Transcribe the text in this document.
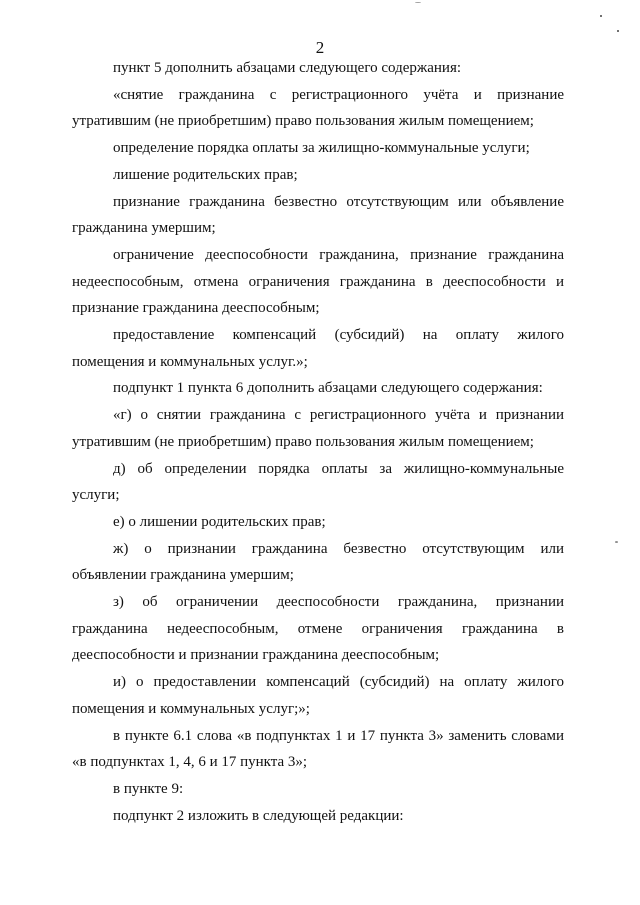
2

пункт 5 дополнить абзацами следующего содержания:

«снятие гражданина с регистрационного учёта и признание утратившим (не приобретшим) право пользования жилым помещением;

определение порядка оплаты за жилищно-коммунальные услуги;

лишение родительских прав;

признание гражданина безвестно отсутствующим или объявление гражданина умершим;

ограничение дееспособности гражданина, признание гражданина недееспособным, отмена ограничения гражданина в дееспособности и признание гражданина дееспособным;

предоставление компенсаций (субсидий) на оплату жилого помещения и коммунальных услуг.»;

подпункт 1 пункта 6 дополнить абзацами следующего содержания:

«г) о снятии гражданина с регистрационного учёта и признании утратившим (не приобретшим) право пользования жилым помещением;

д) об определении порядка оплаты за жилищно-коммунальные услуги;

е) о лишении родительских прав;

ж) о признании гражданина безвестно отсутствующим или объявлении гражданина умершим;

з) об ограничении дееспособности гражданина, признании гражданина недееспособным, отмене ограничения гражданина в дееспособности и признании гражданина дееспособным;

и) о предоставлении компенсаций (субсидий) на оплату жилого помещения и коммунальных услуг;»;

в пункте 6.1 слова «в подпунктах 1 и 17 пункта 3» заменить словами «в подпунктах 1, 4, 6 и 17 пункта 3»;

в пункте 9:

подпункт 2 изложить в следующей редакции:
